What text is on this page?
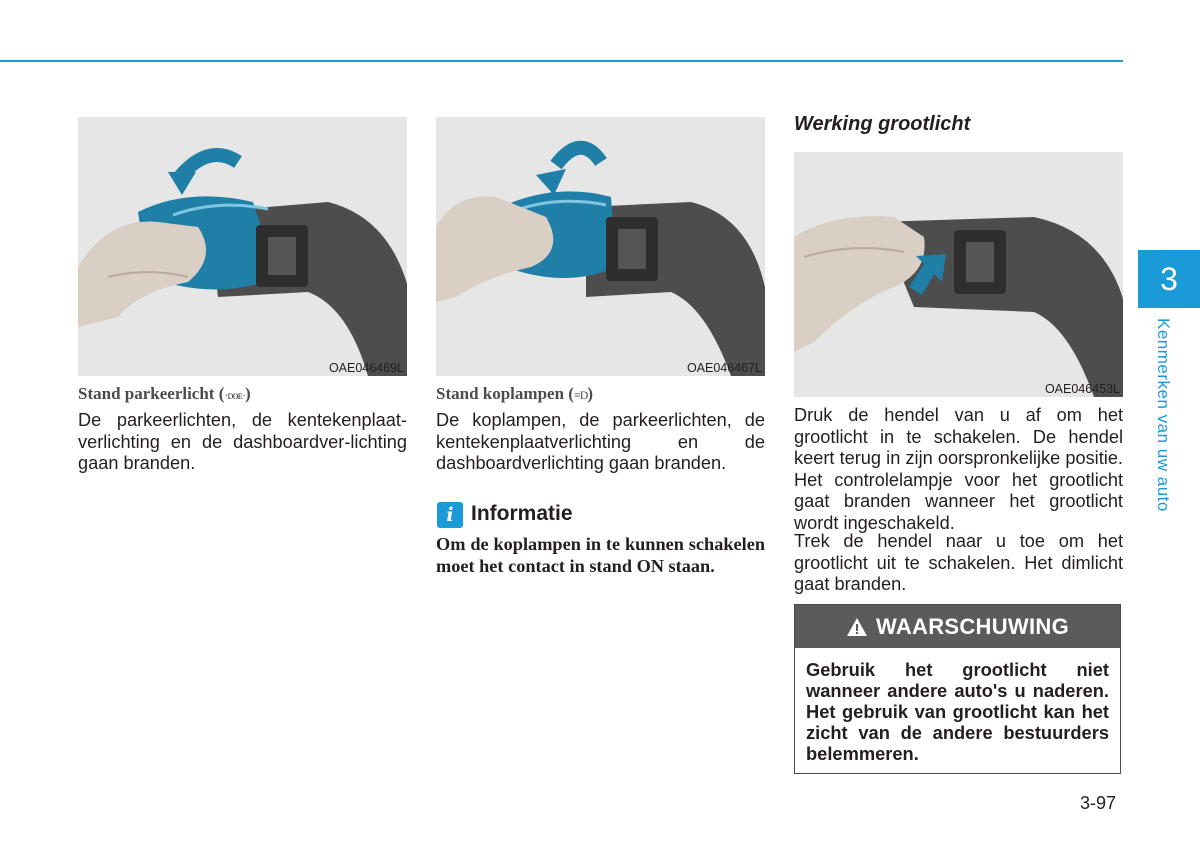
OAE046469L
Stand parkeerlicht (·ᴅᴏᴇ·)
De parkeerlichten, de kentekenplaat-verlichting en de dashboardver-lichting gaan branden.
OAE046467L
Stand koplampen (≡D)
De koplampen, de parkeerlichten, de kentekenplaatverlichting en de dashboardverlichting gaan branden.
i Informatie
Om de koplampen in te kunnen schakelen moet het contact in stand ON staan.
Werking grootlicht
OAE046453L
Druk de hendel van u af om het grootlicht in te schakelen. De hendel keert terug in zijn oorspronkelijke positie. Het controlelampje voor het grootlicht gaat branden wanneer het grootlicht wordt ingeschakeld.
Trek de hendel naar u toe om het grootlicht uit te schakelen. Het dimlicht gaat branden.
WAARSCHUWING
Gebruik het grootlicht niet wanneer andere auto's u naderen. Het gebruik van grootlicht kan het zicht van de andere bestuurders belemmeren.
3
Kenmerken van uw auto
3-97
